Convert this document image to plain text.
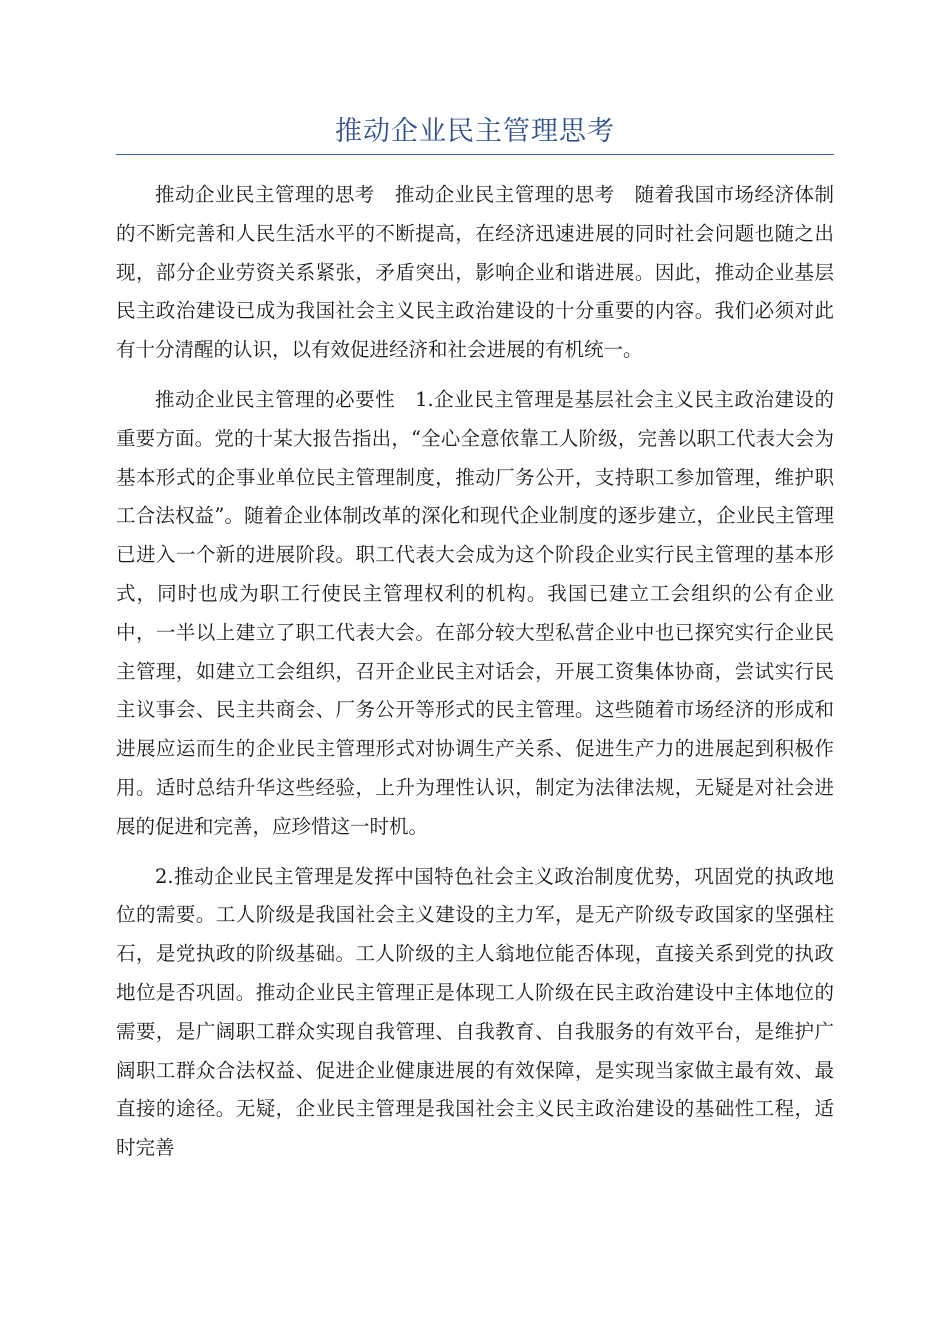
推动企业民主管理思考

推动企业民主管理的思考　推动企业民主管理的思考　随着我国市场经济体制的不断完善和人民生活水平的不断提高，在经济迅速进展的同时社会问题也随之出现，部分企业劳资关系紧张，矛盾突出，影响企业和谐进展。因此，推动企业基层民主政治建设已成为我国社会主义民主政治建设的十分重要的内容。我们必须对此有十分清醒的认识，以有效促进经济和社会进展的有机统一。

推动企业民主管理的必要性　1.企业民主管理是基层社会主义民主政治建设的重要方面。党的十某大报告指出，“全心全意依靠工人阶级，完善以职工代表大会为基本形式的企事业单位民主管理制度，推动厂务公开，支持职工参加管理，维护职工合法权益”。随着企业体制改革的深化和现代企业制度的逐步建立，企业民主管理已进入一个新的进展阶段。职工代表大会成为这个阶段企业实行民主管理的基本形式，同时也成为职工行使民主管理权利的机构。我国已建立工会组织的公有企业中，一半以上建立了职工代表大会。在部分较大型私营企业中也已探究实行企业民主管理，如建立工会组织，召开企业民主对话会，开展工资集体协商，尝试实行民主议事会、民主共商会、厂务公开等形式的民主管理。这些随着市场经济的形成和进展应运而生的企业民主管理形式对协调生产关系、促进生产力的进展起到积极作用。适时总结升华这些经验，上升为理性认识，制定为法律法规，无疑是对社会进展的促进和完善，应珍惜这一时机。

2.推动企业民主管理是发挥中国特色社会主义政治制度优势，巩固党的执政地位的需要。工人阶级是我国社会主义建设的主力军，是无产阶级专政国家的坚强柱石，是党执政的阶级基础。工人阶级的主人翁地位能否体现，直接关系到党的执政地位是否巩固。推动企业民主管理正是体现工人阶级在民主政治建设中主体地位的需要，是广阔职工群众实现自我管理、自我教育、自我服务的有效平台，是维护广阔职工群众合法权益、促进企业健康进展的有效保障，是实现当家做主最有效、最直接的途径。无疑，企业民主管理是我国社会主义民主政治建设的基础性工程，适时完善
